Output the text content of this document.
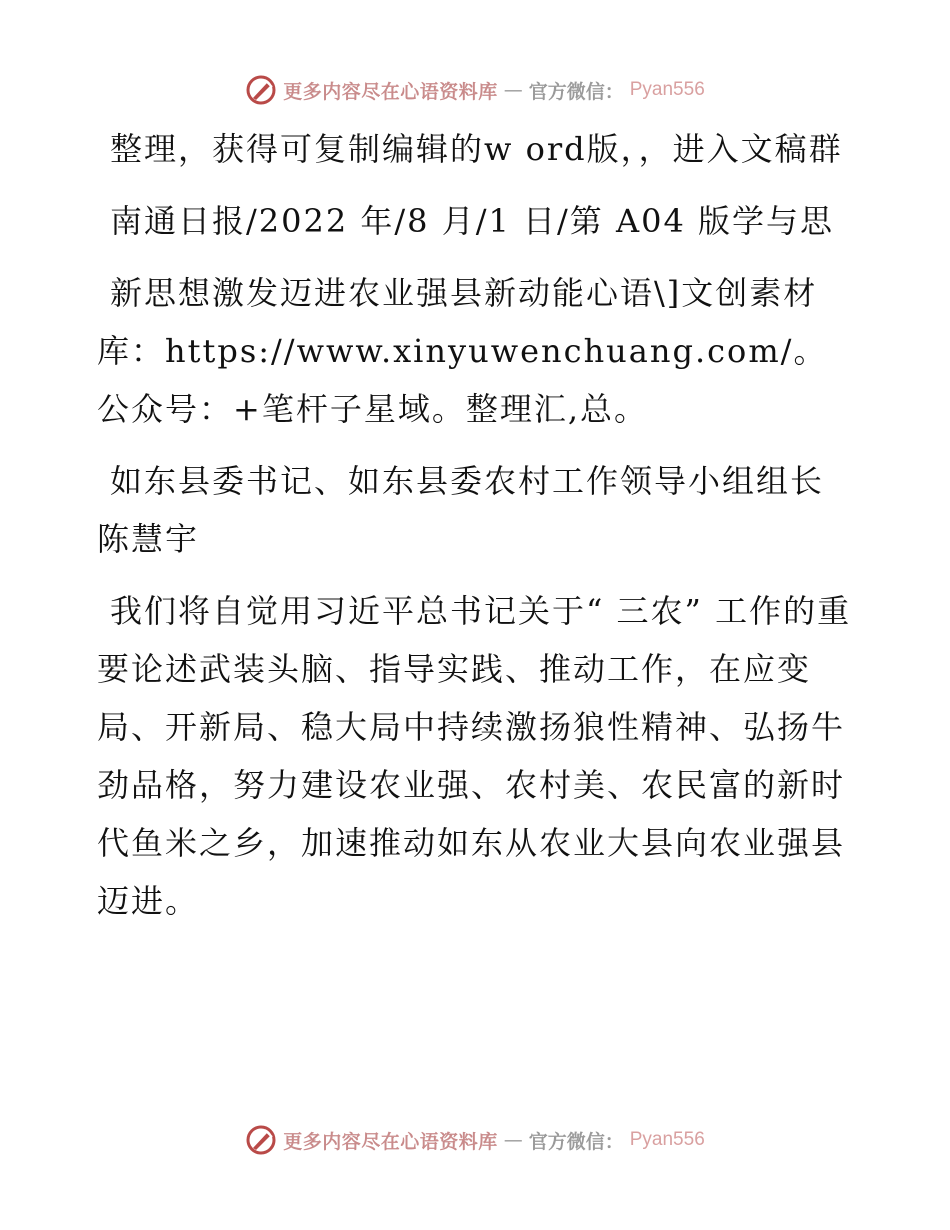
更多内容尽在心语资料库 — 官方微信： Pyan556

整理，获得可复制编辑的w ord版，，进入文稿群

南通日报/2022 年/8 月/1 日/第 A04 版学与思

新思想激发迈进农业强县新动能心语\]文创素材库：https://www.xinyuwenchuang.com/。公众号：+笔杆子星域。整理汇,总。

如东县委书记、如东县委农村工作领导小组组长陈慧宇

我们将自觉用习近平总书记关于“ 三农” 工作的重要论述武装头脑、指导实践、推动工作，在应变局、开新局、稳大局中持续激扬狼性精神、弘扬牛劲品格，努力建设农业强、农村美、农民富的新时代鱼米之乡，加速推动如东从农业大县向农业强县迈进。

更多内容尽在心语资料库 — 官方微信： Pyan556
